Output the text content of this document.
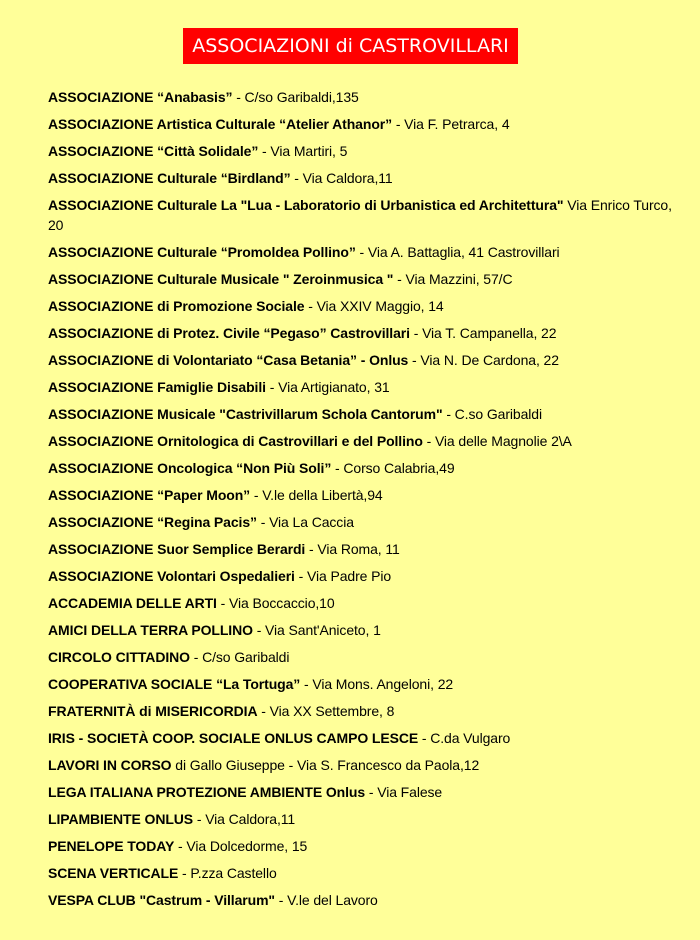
ASSOCIAZIONI di CASTROVILLARI
ASSOCIAZIONE “Anabasis” - C/so Garibaldi,135
ASSOCIAZIONE Artistica Culturale “Atelier Athanor” - Via F. Petrarca, 4
ASSOCIAZIONE “Città Solidale” - Via Martiri, 5
ASSOCIAZIONE Culturale “Birdland” - Via Caldora,11
ASSOCIAZIONE Culturale La "Lua - Laboratorio di Urbanistica ed Architettura" Via Enrico Turco, 20
ASSOCIAZIONE Culturale “Promoldea Pollino” - Via A. Battaglia, 41 Castrovillari
ASSOCIAZIONE Culturale Musicale " Zeroinmusica " - Via Mazzini, 57/C
ASSOCIAZIONE di Promozione Sociale - Via XXIV Maggio, 14
ASSOCIAZIONE di Protez. Civile “Pegaso” Castrovillari - Via T. Campanella, 22
ASSOCIAZIONE di Volontariato “Casa Betania” - Onlus - Via N. De Cardona, 22
ASSOCIAZIONE Famiglie Disabili - Via Artigianato, 31
ASSOCIAZIONE Musicale "Castrivillarum Schola Cantorum" - C.so Garibaldi
ASSOCIAZIONE Ornitologica di Castrovillari e del Pollino - Via delle Magnolie 2\A
ASSOCIAZIONE Oncologica “Non Più Soli” - Corso Calabria,49
ASSOCIAZIONE “Paper Moon” - V.le della Libertà,94
ASSOCIAZIONE “Regina Pacis” - Via La Caccia
ASSOCIAZIONE Suor Semplice Berardi - Via Roma, 11
ASSOCIAZIONE Volontari Ospedalieri - Via Padre Pio
ACCADEMIA DELLE ARTI - Via Boccaccio,10
AMICI DELLA TERRA POLLINO - Via Sant'Aniceto, 1
CIRCOLO CITTADINO - C/so Garibaldi
COOPERATIVA SOCIALE “La Tortuga” - Via Mons. Angeloni, 22
FRATERNITÀ di MISERICORDIA - Via XX Settembre, 8
IRIS - SOCIETÀ COOP. SOCIALE ONLUS CAMPO LESCE - C.da Vulgaro
LAVORI IN CORSO di Gallo Giuseppe - Via S. Francesco da Paola,12
LEGA ITALIANA PROTEZIONE AMBIENTE Onlus - Via Falese
LIPAMBIENTE ONLUS - Via Caldora,11
PENELOPE TODAY - Via Dolcedorme, 15
SCENA VERTICALE - P.zza Castello
VESPA CLUB "Castrum - Villarum" - V.le del Lavoro
